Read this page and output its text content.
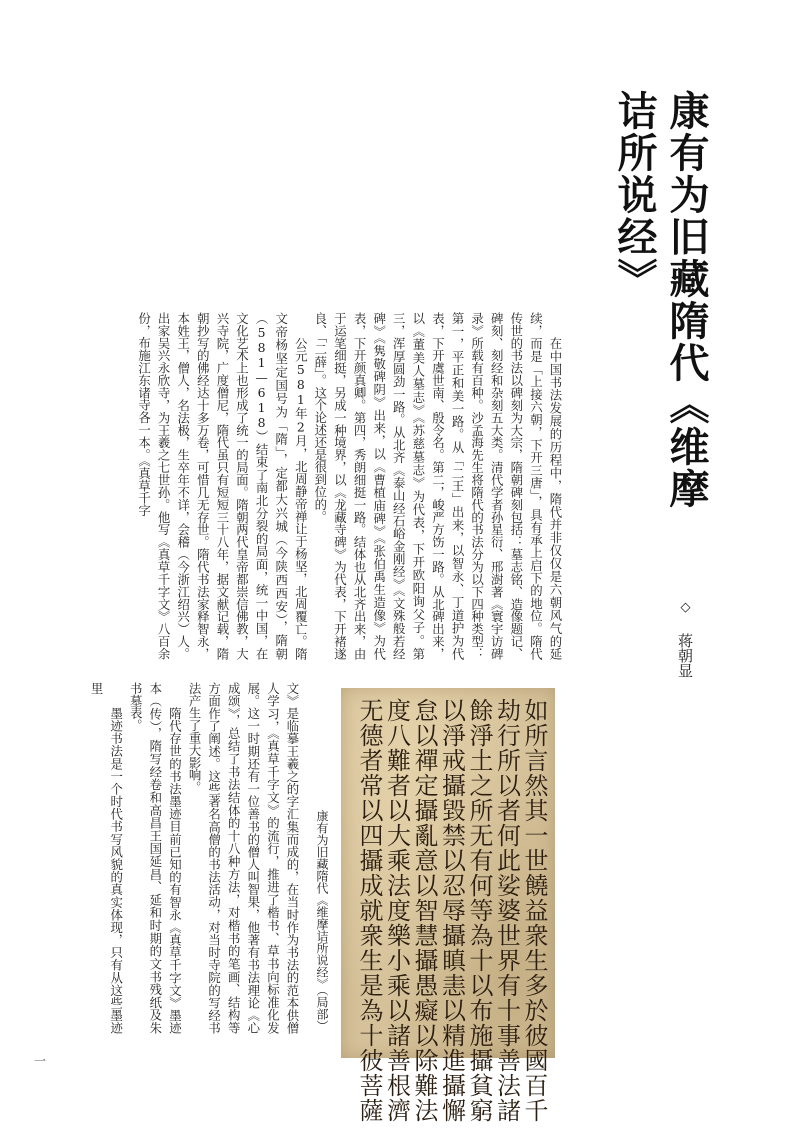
康有为旧藏隋代《维摩诘所说经》
◇ 蒋朝显

在中国书法发展的历程中，隋代并非仅仅是六朝风气的延续，而是「上接六朝，下开三唐」，具有承上启下的地位。隋代传世的书法以碑刻为大宗，隋朝碑刻包括：墓志铭、造像题记、碑刻、刻经和杂刻五大类。清代学者孙星衍、邢澍著《寰宇访碑录》所载有百种。沙孟海先生将隋代的书法分为以下四种类型：第一，平正和美一路。从「二王」出来，以智永、丁道护为代表，下开虞世南、殷令名。第二，峻严方饬一路。从北碑出来，以《董美人墓志》《苏慈墓志》为代表，下开欧阳询父子。第三，浑厚圆劲一路。从北齐《泰山经石峪金刚经》《文殊般若经碑》《隽敬碑阴》出来，以《曹植庙碑》《张伯禹生造像》为代表，下开颜真卿。第四，秀朗细挺一路。结体也从北齐出来，由于运笔细挺，另成一种境界，以《龙藏寺碑》为代表，下开褚遂良、「二薛」。这个论述还是很到位的。

公元581年2月，北周静帝禅让于杨坚，北周覆亡。隋文帝杨坚定国号为「隋」，定都大兴城（今陕西西安），隋朝（581—618）结束了南北分裂的局面，统一中国，在文化艺术上也形成了统一的局面。隋朝两代皇帝都崇信佛教，大兴寺院，广度僧尼，隋代虽只有短短三十八年，据文献记载，隋朝抄写的佛经达十多万卷，可惜几无存世。隋代书法家释智永，本姓王，僧人，名法极，生卒年不详，会稽（今浙江绍兴）人。出家吴兴永欣寺，为王羲之七世孙。他写《真草千字文》八百余份，布施江东诸寺各一本。《真草千字

文》是临摹王羲之的字汇集而成的，在当时作为书法的范本供僧人学习，《真草千字文》的流行，推进了楷书、草书向标准化发展。这一时期还有一位善书的僧人叫智果，他著有书法理论《心成颂》，总结了书法结体的十八种方法，对楷书的笔画、结构等方面作了阐述。这些著名高僧的书法活动，对当时寺院的写经书法产生了重大影响。

隋代存世的书法墨迹目前已知的有智永《真草千字文》墨迹本（传），隋写经卷和高昌王国延昌、延和时期的文书残纸及朱书墓表。

墨迹书法是一个时代书写风貌的真实体现，只有从这些墨迹里

康有为旧藏隋代《维摩诘所说经》（局部）	如所言然其一世饒益衆生多於彼國百千
劫行所以者何此娑婆世界有十事善法諸
餘淨土之所无有何等為十以布施攝貧窮
以淨戒攝毀禁以忍辱攝瞋恚以精進攝懈
怠以禪定攝亂意以智慧攝愚癡以除難法
度八難者以大乘法度樂小乘以諸善根濟
无德者常以四攝成就衆生是為十彼菩薩
一
